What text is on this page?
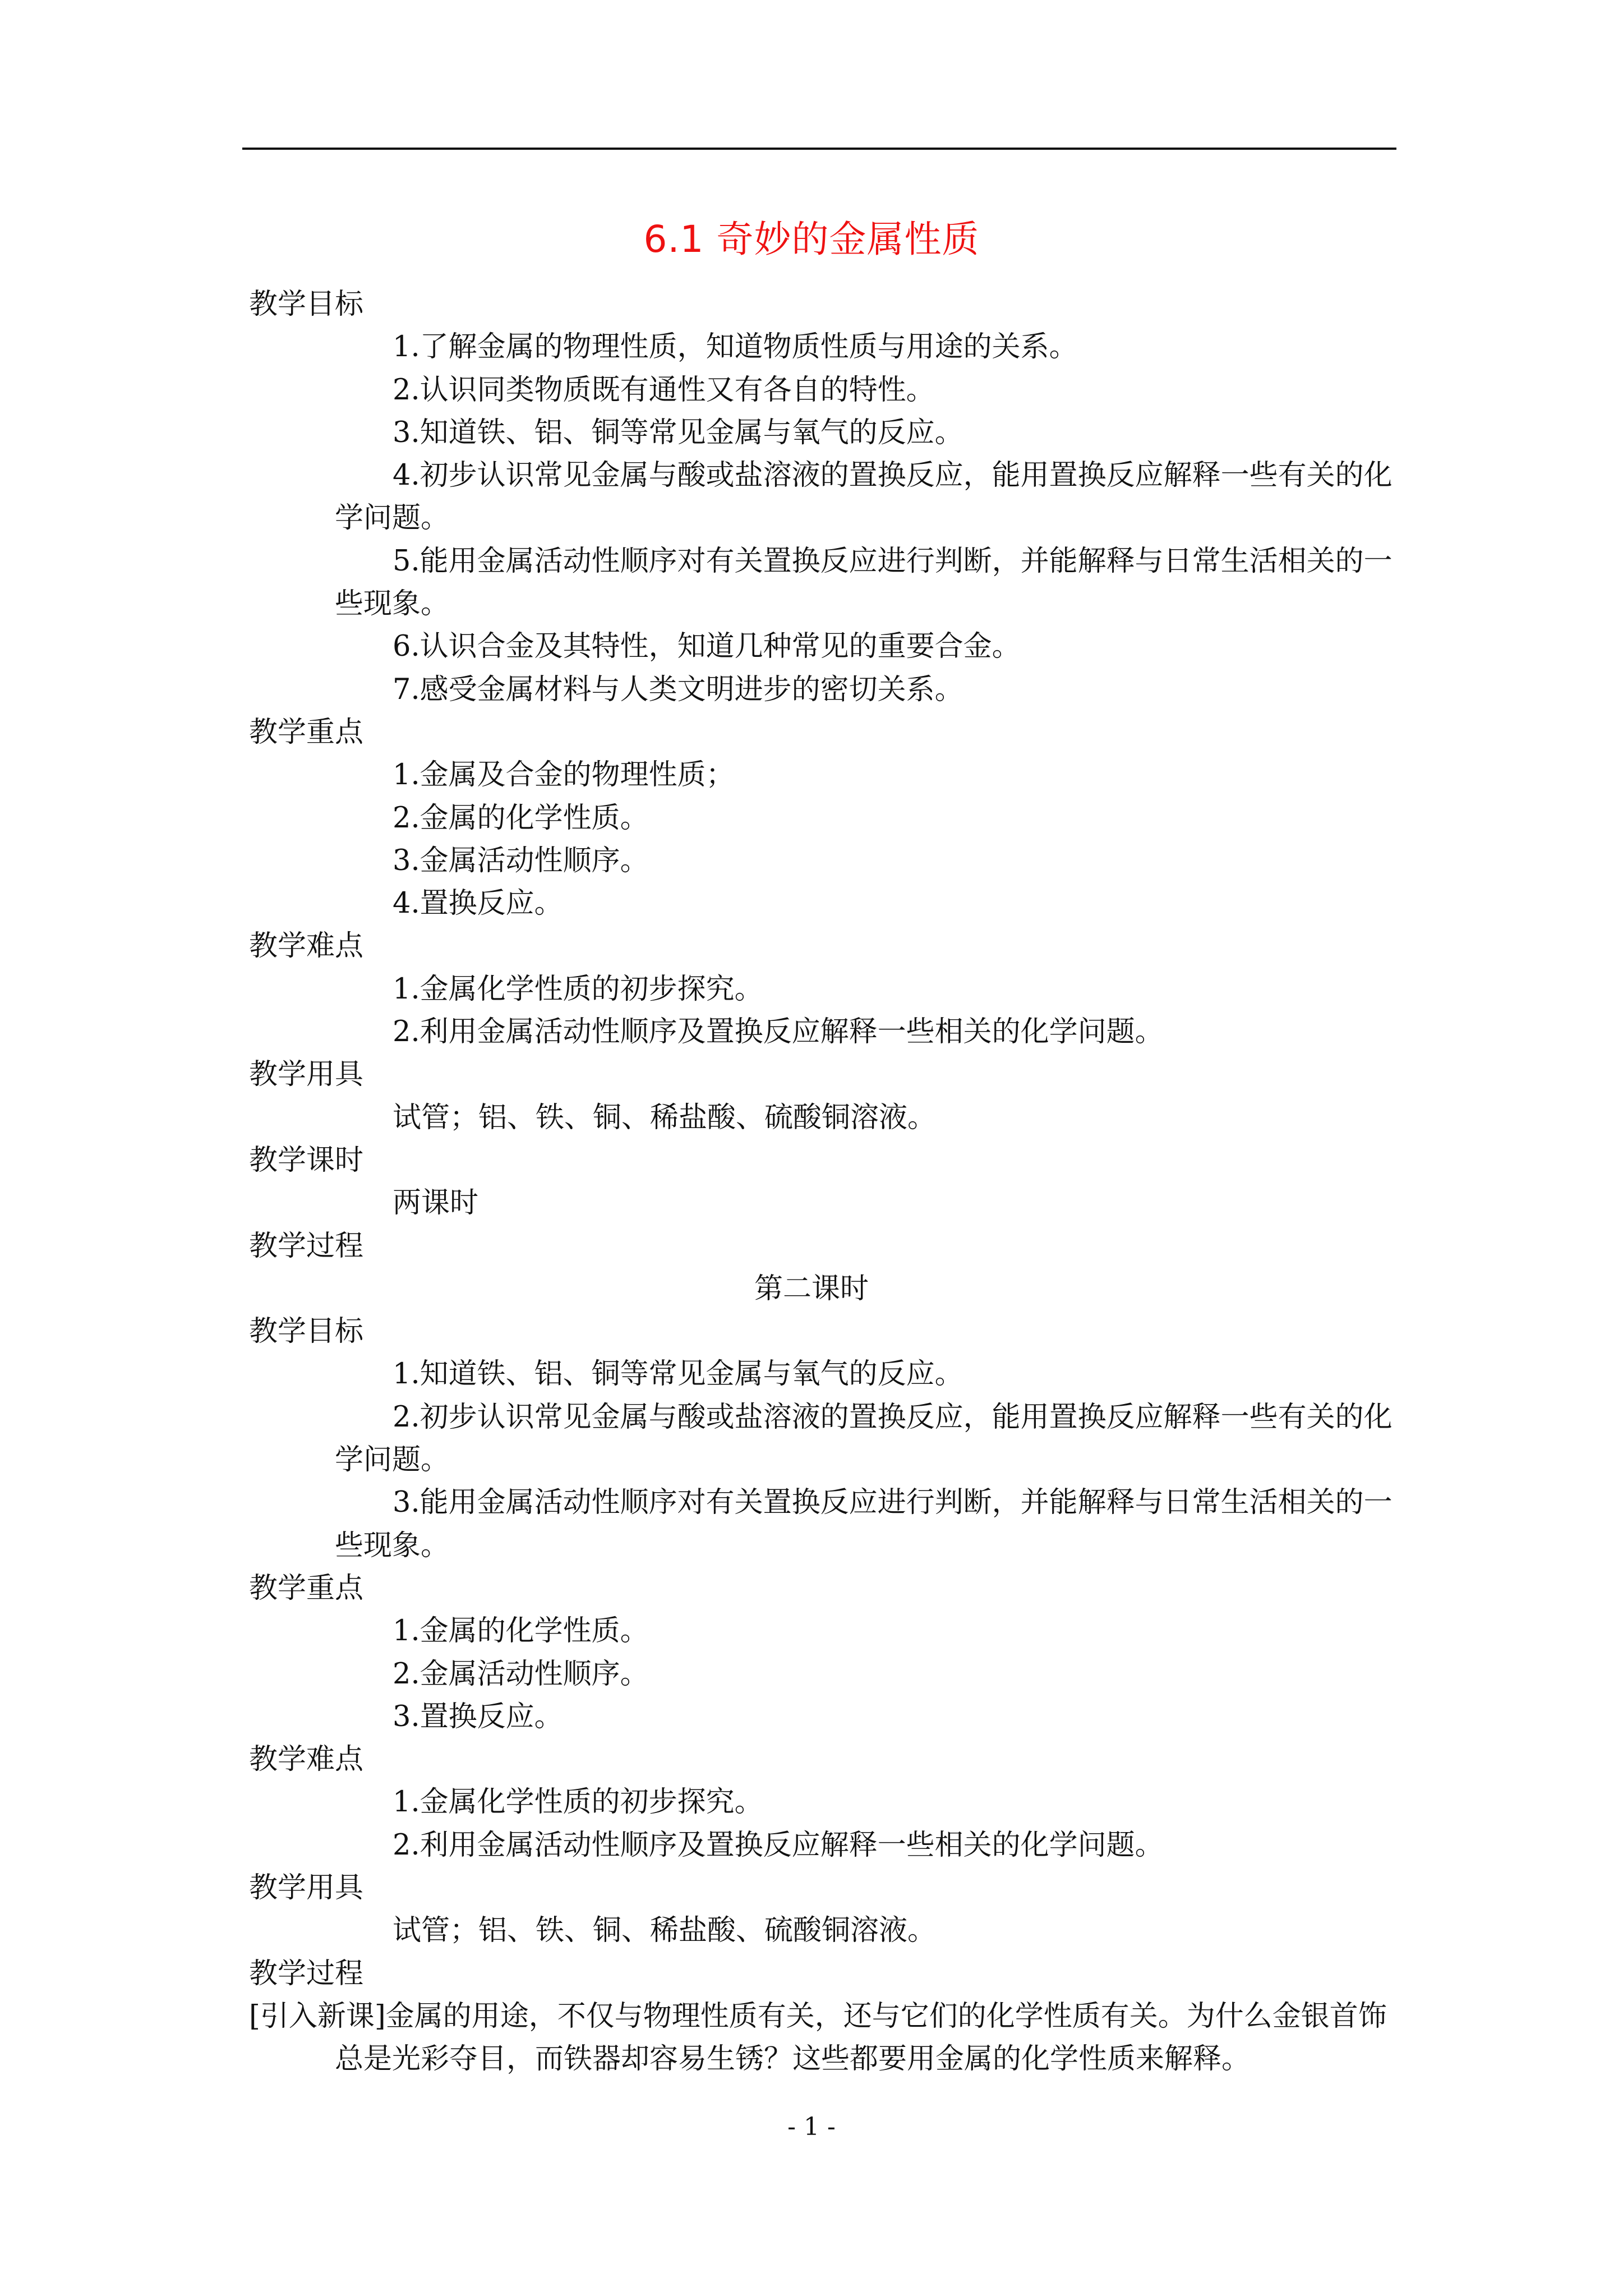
6.1 奇妙的金属性质
教学目标
1.了解金属的物理性质，知道物质性质与用途的关系。
2.认识同类物质既有通性又有各自的特性。
3.知道铁、铝、铜等常见金属与氧气的反应。
4.初步认识常见金属与酸或盐溶液的置换反应，能用置换反应解释一些有关的化
学问题。
5.能用金属活动性顺序对有关置换反应进行判断，并能解释与日常生活相关的一
些现象。
6.认识合金及其特性，知道几种常见的重要合金。
7.感受金属材料与人类文明进步的密切关系。
教学重点
1.金属及合金的物理性质；
2.金属的化学性质。
3.金属活动性顺序。
4.置换反应。
教学难点
1.金属化学性质的初步探究。
2.利用金属活动性顺序及置换反应解释一些相关的化学问题。
教学用具
试管；铝、铁、铜、稀盐酸、硫酸铜溶液。
教学课时
两课时
教学过程
第二课时
教学目标
1.知道铁、铝、铜等常见金属与氧气的反应。
2.初步认识常见金属与酸或盐溶液的置换反应，能用置换反应解释一些有关的化
学问题。
3.能用金属活动性顺序对有关置换反应进行判断，并能解释与日常生活相关的一
些现象。
教学重点
1.金属的化学性质。
2.金属活动性顺序。
3.置换反应。
教学难点
1.金属化学性质的初步探究。
2.利用金属活动性顺序及置换反应解释一些相关的化学问题。
教学用具
试管；铝、铁、铜、稀盐酸、硫酸铜溶液。
教学过程
[引入新课]金属的用途，不仅与物理性质有关，还与它们的化学性质有关。为什么金银首饰
总是光彩夺目，而铁器却容易生锈？这些都要用金属的化学性质来解释。
- 1 -
